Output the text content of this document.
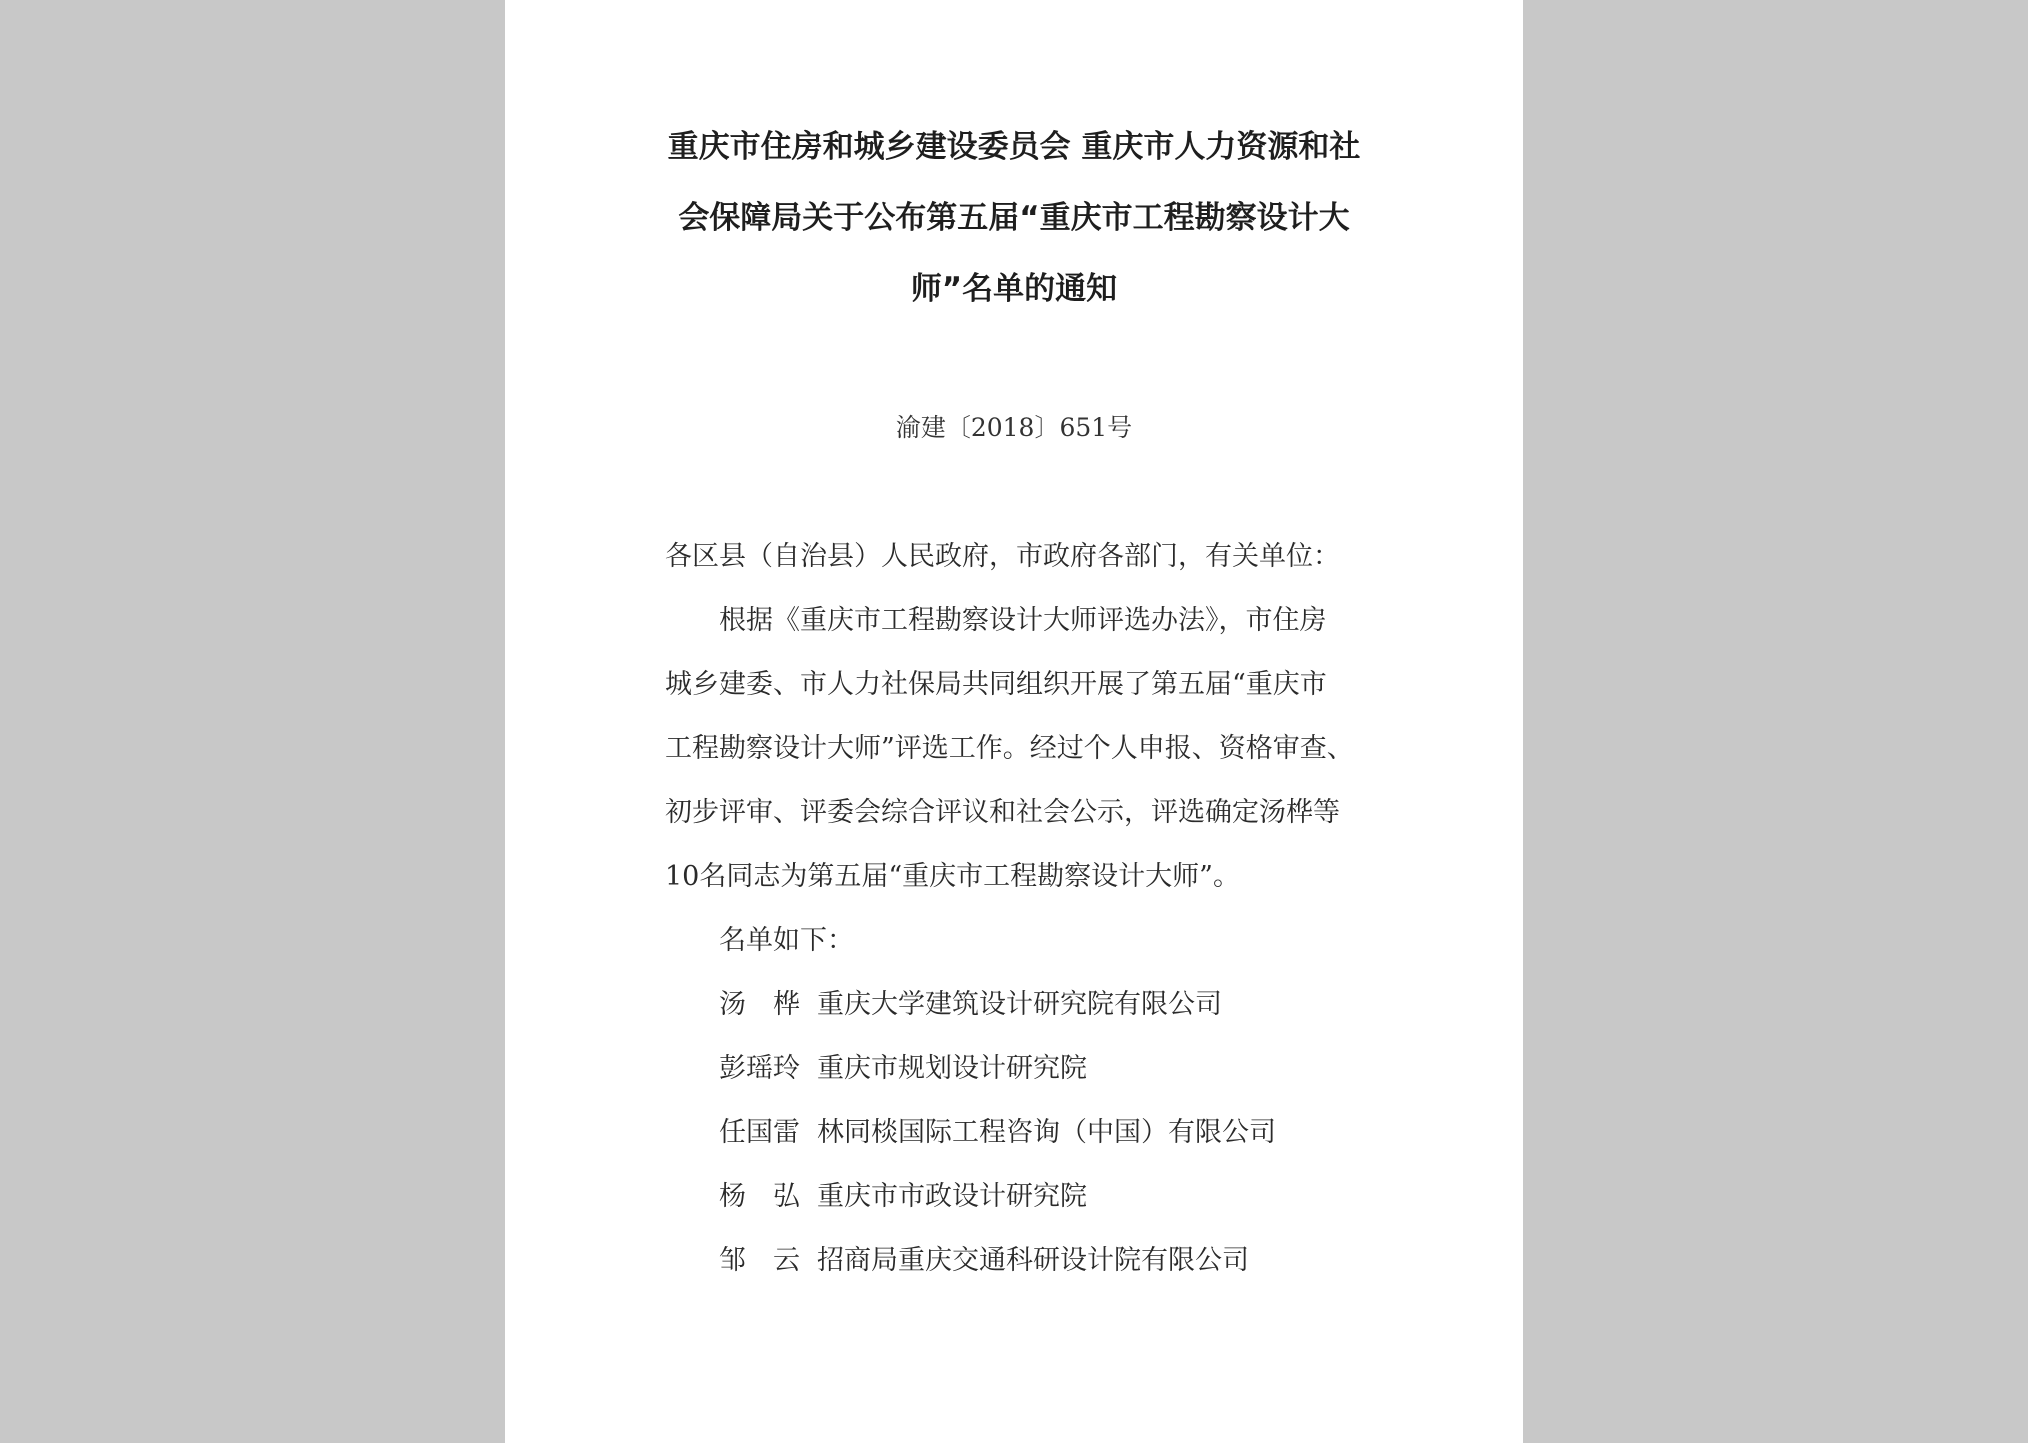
重庆市住房和城乡建设委员会 重庆市人力资源和社
会保障局关于公布第五届“重庆市工程勘察设计大
师”名单的通知
渝建〔2018〕651号
各区县（自治县）人民政府，市政府各部门，有关单位：
根据《重庆市工程勘察设计大师评选办法》，市住房
城乡建委、市人力社保局共同组织开展了第五届“重庆市
工程勘察设计大师”评选工作。经过个人申报、资格审查、
初步评审、评委会综合评议和社会公示，评选确定汤桦等
10名同志为第五届“重庆市工程勘察设计大师”。
名单如下：
汤　桦 重庆大学建筑设计研究院有限公司
彭瑶玲 重庆市规划设计研究院
任国雷 林同棪国际工程咨询（中国）有限公司
杨　弘 重庆市市政设计研究院
邹　云 招商局重庆交通科研设计院有限公司
